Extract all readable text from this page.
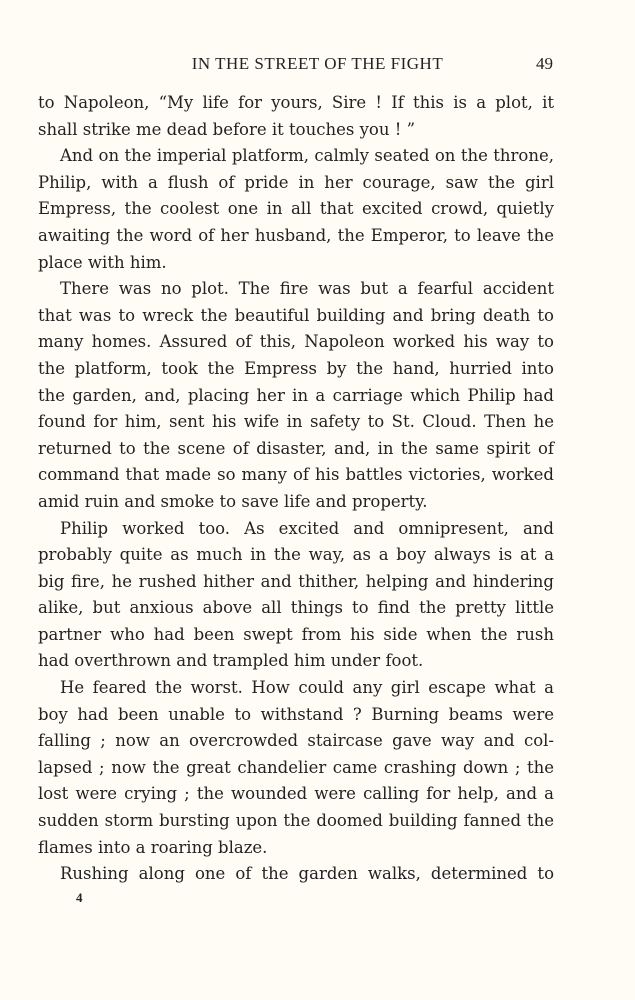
IN THE STREET OF THE FIGHT	49
to Napoleon, “My life for yours, Sire ! If this is a plot, it
shall strike me dead before it touches you ! ”
And on the imperial platform, calmly seated on the throne,
Philip, with a flush of pride in her courage, saw the girl
Empress, the coolest one in all that excited crowd, quietly
awaiting the word of her husband, the Emperor, to leave the
place with him.
There was no plot. The fire was but a fearful accident
that was to wreck the beautiful building and bring death to
many homes. Assured of this, Napoleon worked his way to
the platform, took the Empress by the hand, hurried into
the garden, and, placing her in a carriage which Philip had
found for him, sent his wife in safety to St. Cloud. Then he
returned to the scene of disaster, and, in the same spirit of
command that made so many of his battles victories, worked
amid ruin and smoke to save life and property.
Philip worked too. As excited and omnipresent, and
probably quite as much in the way, as a boy always is at a
big fire, he rushed hither and thither, helping and hindering
alike, but anxious above all things to find the pretty little
partner who had been swept from his side when the rush
had overthrown and trampled him under foot.
He feared the worst. How could any girl escape what a
boy had been unable to withstand ? Burning beams were
falling ; now an overcrowded staircase gave way and col-
lapsed ; now the great chandelier came crashing down ; the
lost were crying ; the wounded were calling for help, and a
sudden storm bursting upon the doomed building fanned the
flames into a roaring blaze.
Rushing along one of the garden walks, determined to
4
